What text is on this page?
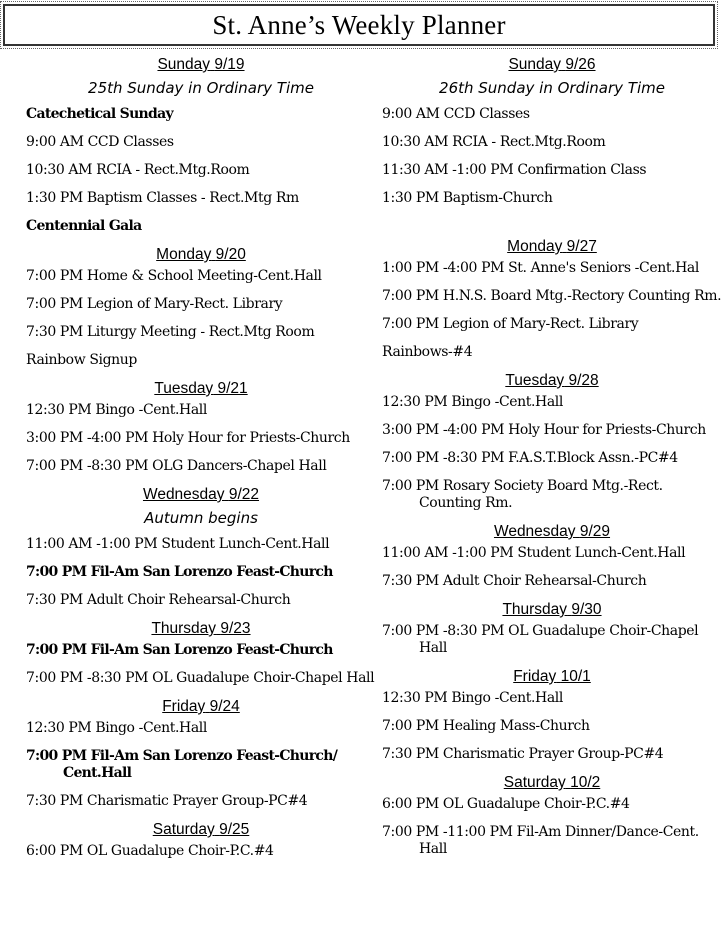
St. Anne’s Weekly Planner
Sunday 9/19
25th Sunday in Ordinary Time
Catechetical Sunday
9:00 AM CCD Classes
10:30 AM RCIA - Rect.Mtg.Room
1:30 PM Baptism Classes - Rect.Mtg Rm
Centennial Gala
Monday 9/20
7:00 PM Home & School Meeting-Cent.Hall
7:00 PM Legion of Mary-Rect. Library
7:30 PM Liturgy Meeting - Rect.Mtg Room
Rainbow Signup
Tuesday 9/21
12:30 PM Bingo -Cent.Hall
3:00 PM -4:00 PM Holy Hour for Priests-Church
7:00 PM -8:30 PM OLG Dancers-Chapel Hall
Wednesday 9/22
Autumn begins
11:00 AM -1:00 PM Student Lunch-Cent.Hall
7:00 PM Fil-Am San Lorenzo Feast-Church
7:30 PM Adult Choir Rehearsal-Church
Thursday 9/23
7:00 PM Fil-Am San Lorenzo Feast-Church
7:00 PM -8:30 PM OL Guadalupe Choir-Chapel Hall
Friday 9/24
12:30 PM Bingo -Cent.Hall
7:00 PM Fil-Am San Lorenzo Feast-Church/ Cent.Hall
7:30 PM Charismatic Prayer Group-PC#4
Saturday 9/25
6:00 PM OL Guadalupe Choir-P.C.#4
Sunday 9/26
26th Sunday in Ordinary Time
9:00 AM CCD Classes
10:30 AM RCIA - Rect.Mtg.Room
11:30 AM -1:00 PM Confirmation Class
1:30 PM Baptism-Church
Monday 9/27
1:00 PM -4:00 PM St. Anne's Seniors -Cent.Hal
7:00 PM H.N.S. Board Mtg.-Rectory Counting Rm.
7:00 PM Legion of Mary-Rect. Library
Rainbows-#4
Tuesday 9/28
12:30 PM Bingo -Cent.Hall
3:00 PM -4:00 PM Holy Hour for Priests-Church
7:00 PM -8:30 PM F.A.S.T.Block Assn.-PC#4
7:00 PM Rosary Society Board Mtg.-Rect. Counting Rm.
Wednesday 9/29
11:00 AM -1:00 PM Student Lunch-Cent.Hall
7:30 PM Adult Choir Rehearsal-Church
Thursday 9/30
7:00 PM -8:30 PM OL Guadalupe Choir-Chapel Hall
Friday 10/1
12:30 PM Bingo -Cent.Hall
7:00 PM Healing Mass-Church
7:30 PM Charismatic Prayer Group-PC#4
Saturday 10/2
6:00 PM OL Guadalupe Choir-P.C.#4
7:00 PM -11:00 PM Fil-Am Dinner/Dance-Cent. Hall
